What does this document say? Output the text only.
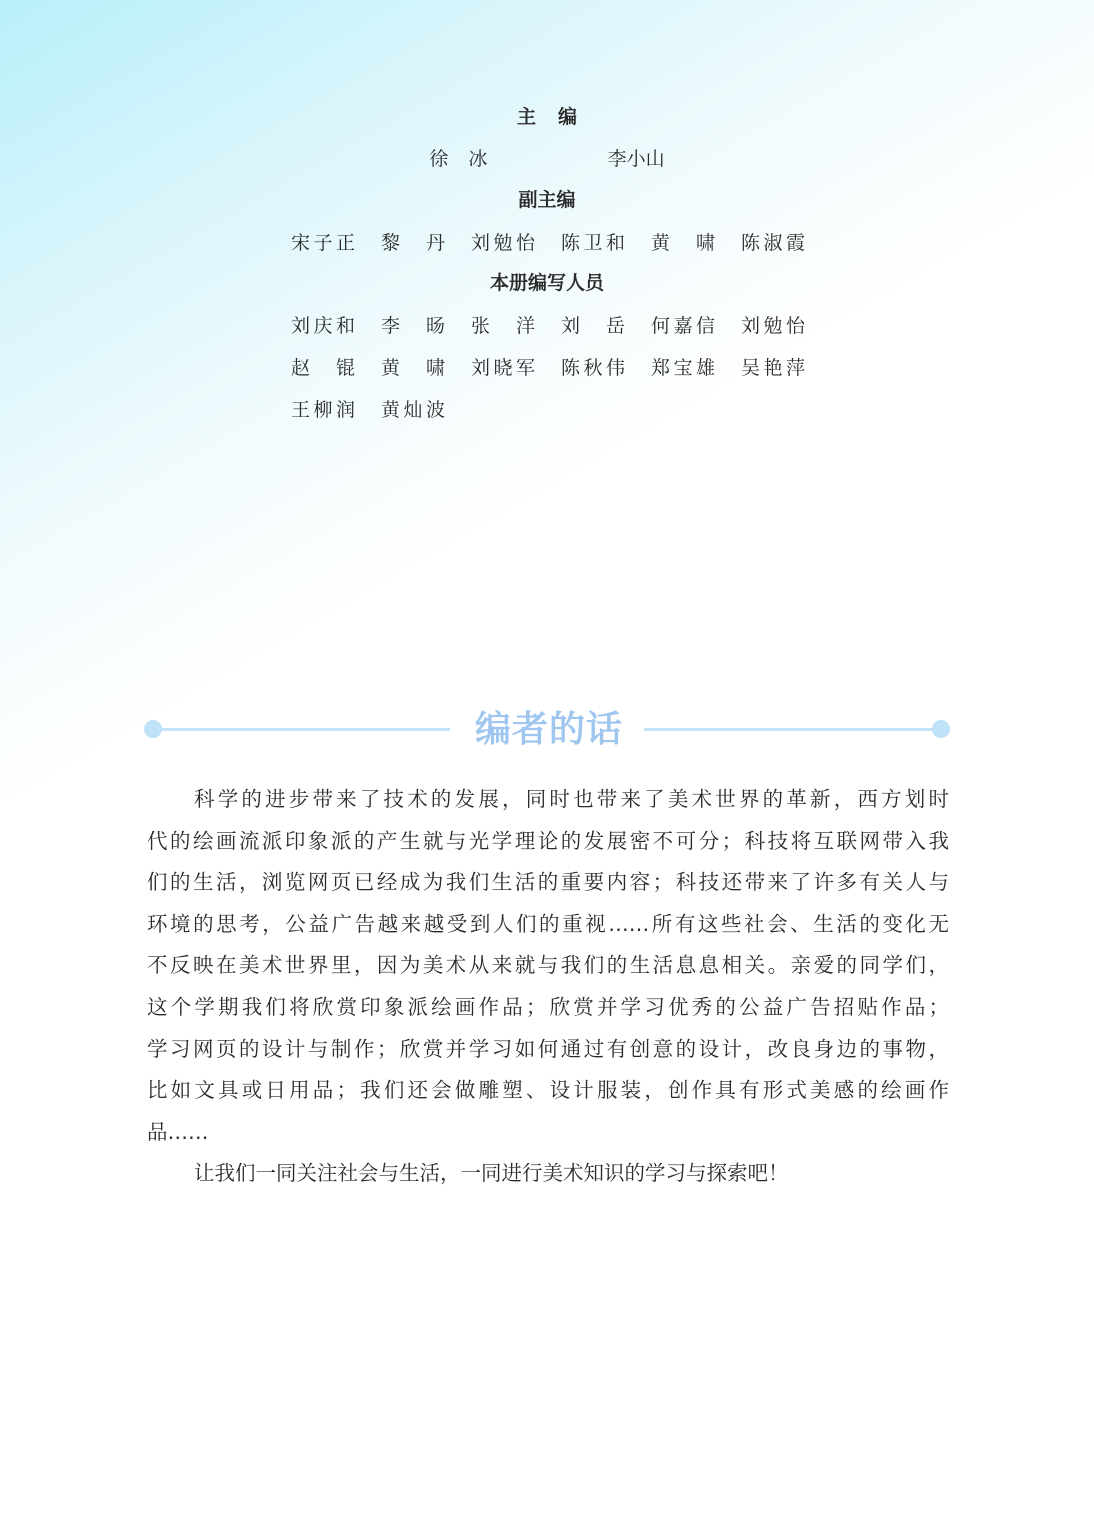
主编
徐 冰	李小山
副主编
宋子正 黎 丹 刘勉怡 陈卫和 黄 啸 陈淑霞
本册编写人员
刘庆和 李 旸 张 洋 刘 岳 何嘉信 刘勉怡
赵 锟 黄 啸 刘晓军 陈秋伟 郑宝雄 吴艳萍
王柳润 黄灿波
编者的话
科学的进步带来了技术的发展，同时也带来了美术世界的革新，西方划时
代的绘画流派印象派的产生就与光学理论的发展密不可分；科技将互联网带入我
们的生活，浏览网页已经成为我们生活的重要内容；科技还带来了许多有关人与
环境的思考，公益广告越来越受到人们的重视……所有这些社会、生活的变化无
不反映在美术世界里，因为美术从来就与我们的生活息息相关。亲爱的同学们，
这个学期我们将欣赏印象派绘画作品；欣赏并学习优秀的公益广告招贴作品；
学习网页的设计与制作；欣赏并学习如何通过有创意的设计，改良身边的事物，
比如文具或日用品；我们还会做雕塑、设计服装，创作具有形式美感的绘画作
品……
让我们一同关注社会与生活，一同进行美术知识的学习与探索吧！
